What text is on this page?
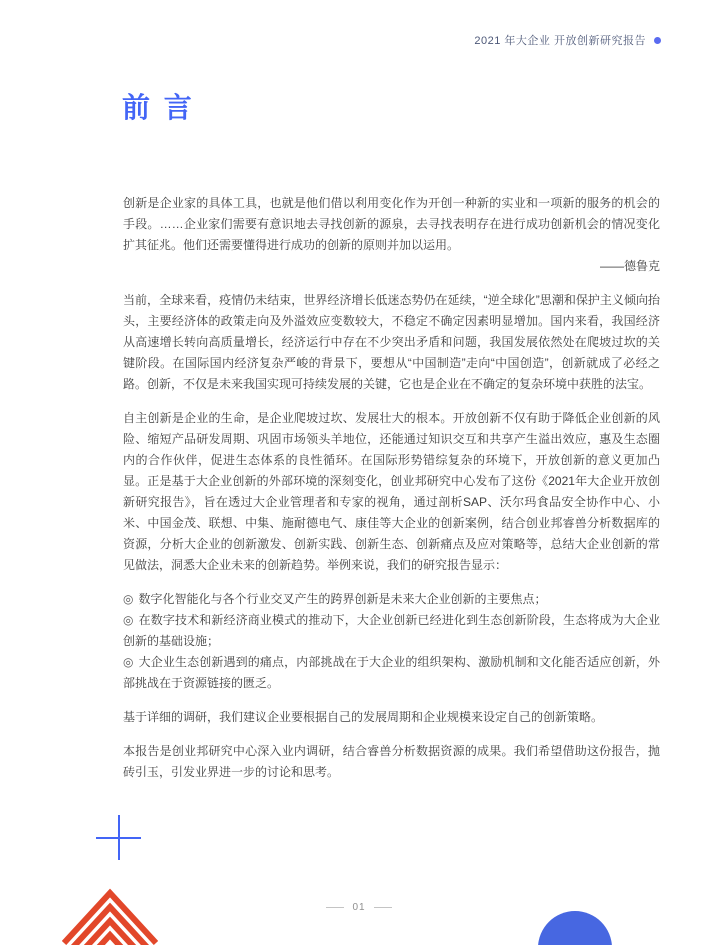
2021 年大企业 开放创新研究报告
前 言

创新是企业家的具体工具，也就是他们借以利用变化作为开创一种新的实业和一项新的服务的机会的手段。……企业家们需要有意识地去寻找创新的源泉，去寻找表明存在进行成功创新机会的情况变化扩其征兆。他们还需要懂得进行成功的创新的原则并加以运用。

——德鲁克

当前，全球来看，疫情仍未结束，世界经济增长低迷态势仍在延续，“逆全球化”思潮和保护主义倾向抬头，主要经济体的政策走向及外溢效应变数较大，不稳定不确定因素明显增加。国内来看，我国经济从高速增长转向高质量增长，经济运行中存在不少突出矛盾和问题，我国发展依然处在爬坡过坎的关键阶段。在国际国内经济复杂严峻的背景下，要想从“中国制造”走向“中国创造”，创新就成了必经之路。创新，不仅是未来我国实现可持续发展的关键，它也是企业在不确定的复杂环境中获胜的法宝。

自主创新是企业的生命，是企业爬坡过坎、发展壮大的根本。开放创新不仅有助于降低企业创新的风险、缩短产品研发周期、巩固市场领头羊地位，还能通过知识交互和共享产生溢出效应，惠及生态圈内的合作伙伴，促进生态体系的良性循环。在国际形势错综复杂的环境下，开放创新的意义更加凸显。正是基于大企业创新的外部环境的深刻变化，创业邦研究中心发布了这份《2021年大企业开放创新研究报告》，旨在透过大企业管理者和专家的视角，通过剖析SAP、沃尔玛食品安全协作中心、小米、中国金茂、联想、中集、施耐德电气、康佳等大企业的创新案例，结合创业邦睿兽分析数据库的资源，分析大企业的创新激发、创新实践、创新生态、创新痛点及应对策略等，总结大企业创新的常见做法，洞悉大企业未来的创新趋势。举例来说，我们的研究报告显示：

◎ 数字化智能化与各个行业交叉产生的跨界创新是未来大企业创新的主要焦点；

◎ 在数字技术和新经济商业模式的推动下，大企业创新已经进化到生态创新阶段，生态将成为大企业创新的基础设施；

◎ 大企业生态创新遇到的痛点，内部挑战在于大企业的组织架构、激励机制和文化能否适应创新，外部挑战在于资源链接的匮乏。

基于详细的调研，我们建议企业要根据自己的发展周期和企业规模来设定自己的创新策略。

本报告是创业邦研究中心深入业内调研，结合睿兽分析数据资源的成果。我们希望借助这份报告，抛砖引玉，引发业界进一步的讨论和思考。

01
